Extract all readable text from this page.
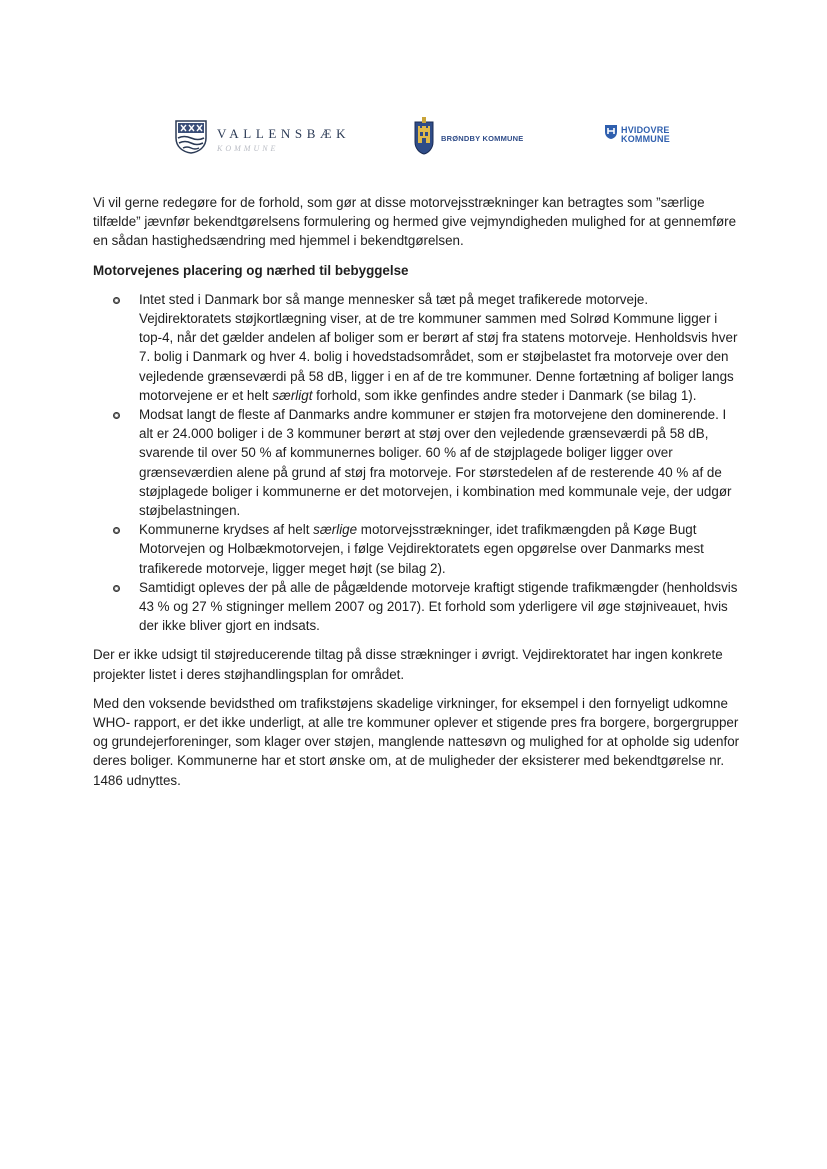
VALLENSBÆK
KOMMUNE
BRØNDBY KOMMUNE
HVIDOVRE
KOMMUNE

Vi vil gerne redegøre for de forhold, som gør at disse motorvejsstrækninger kan betragtes som ”særlige tilfælde” jævnfør bekendtgørelsens formulering og hermed give vejmyndigheden mulighed for at gennemføre en sådan hastighedsændring med hjemmel i bekendtgørelsen.

Motorvejenes placering og nærhed til bebyggelse

Intet sted i Danmark bor så mange mennesker så tæt på meget trafikerede motorveje. Vejdirektoratets støjkortlægning viser, at de tre kommuner sammen med Solrød Kommune ligger i top-4, når det gælder andelen af boliger som er berørt af støj fra statens motorveje. Henholdsvis hver 7. bolig i Danmark og hver 4. bolig i hovedstadsområdet, som er støjbelastet fra motorveje over den vejledende grænseværdi på 58 dB, ligger i en af de tre kommuner. Denne fortætning af boliger langs motorvejene er et helt særligt forhold, som ikke genfindes andre steder i Danmark (se bilag 1).
Modsat langt de fleste af Danmarks andre kommuner er støjen fra motorvejene den dominerende. I alt er 24.000 boliger i de 3 kommuner berørt at støj over den vejledende grænseværdi på 58 dB, svarende til over 50 % af kommunernes boliger. 60 % af de støjplagede boliger ligger over grænseværdien alene på grund af støj fra motorveje. For størstedelen af de resterende 40 % af de støjplagede boliger i kommunerne er det motorvejen, i kombination med kommunale veje, der udgør støjbelastningen.
Kommunerne krydses af helt særlige motorvejsstrækninger, idet trafikmængden på Køge Bugt Motorvejen og Holbækmotorvejen, i følge Vejdirektoratets egen opgørelse over Danmarks mest trafikerede motorveje, ligger meget højt (se bilag 2).
Samtidigt opleves der på alle de pågældende motorveje kraftigt stigende trafikmængder (henholdsvis 43 % og 27 % stigninger mellem 2007 og 2017). Et forhold som yderligere vil øge støjniveauet, hvis der ikke bliver gjort en indsats.

Der er ikke udsigt til støjreducerende tiltag på disse strækninger i øvrigt. Vejdirektoratet har ingen konkrete projekter listet i deres støjhandlingsplan for området.

Med den voksende bevidsthed om trafikstøjens skadelige virkninger, for eksempel i den fornyeligt udkomne WHO- rapport, er det ikke underligt, at alle tre kommuner oplever et stigende pres fra borgere, borgergrupper og grundejerforeninger, som klager over støjen, manglende nattesøvn og mulighed for at opholde sig udenfor deres boliger. Kommunerne har et stort ønske om, at de muligheder der eksisterer med bekendtgørelse nr. 1486 udnyttes.
